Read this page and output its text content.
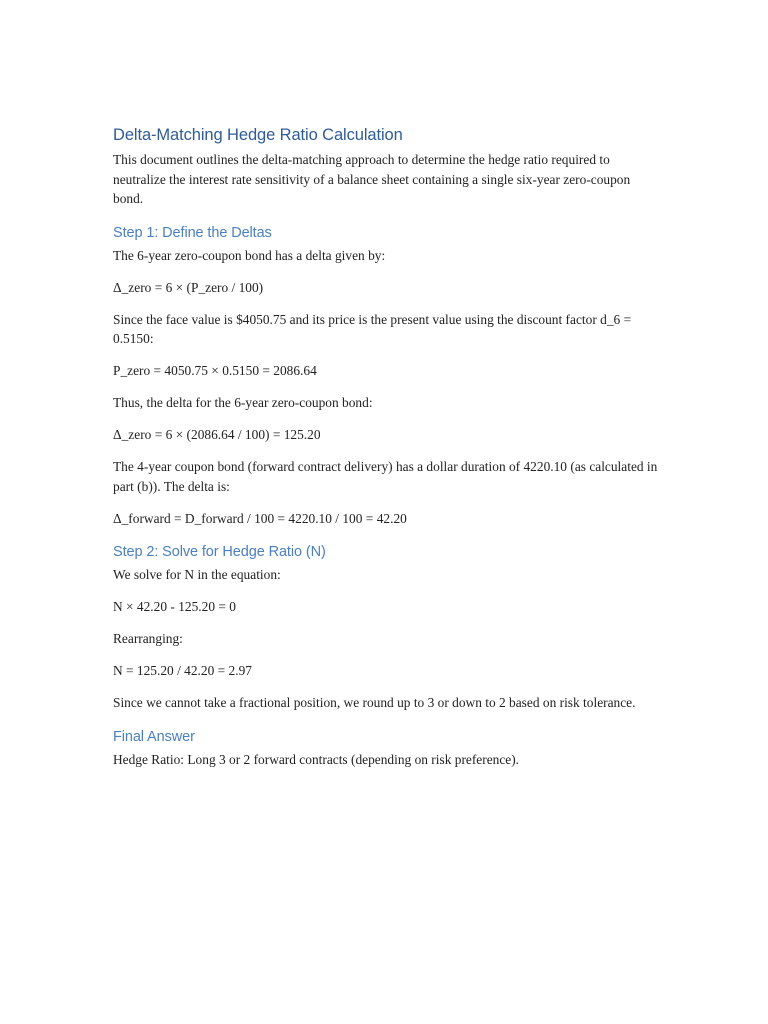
Delta-Matching Hedge Ratio Calculation

This document outlines the delta-matching approach to determine the hedge ratio required to neutralize the interest rate sensitivity of a balance sheet containing a single six-year zero-coupon bond.

Step 1: Define the Deltas

The 6-year zero-coupon bond has a delta given by:

Δ_zero = 6 × (P_zero / 100)

Since the face value is $4050.75 and its price is the present value using the discount factor d_6 = 0.5150:

P_zero = 4050.75 × 0.5150 = 2086.64

Thus, the delta for the 6-year zero-coupon bond:

Δ_zero = 6 × (2086.64 / 100) = 125.20

The 4-year coupon bond (forward contract delivery) has a dollar duration of 4220.10 (as calculated in part (b)). The delta is:

Δ_forward = D_forward / 100 = 4220.10 / 100 = 42.20

Step 2: Solve for Hedge Ratio (N)

We solve for N in the equation:

N × 42.20 - 125.20 = 0

Rearranging:

N = 125.20 / 42.20 = 2.97

Since we cannot take a fractional position, we round up to 3 or down to 2 based on risk tolerance.

Final Answer

Hedge Ratio: Long 3 or 2 forward contracts (depending on risk preference).
